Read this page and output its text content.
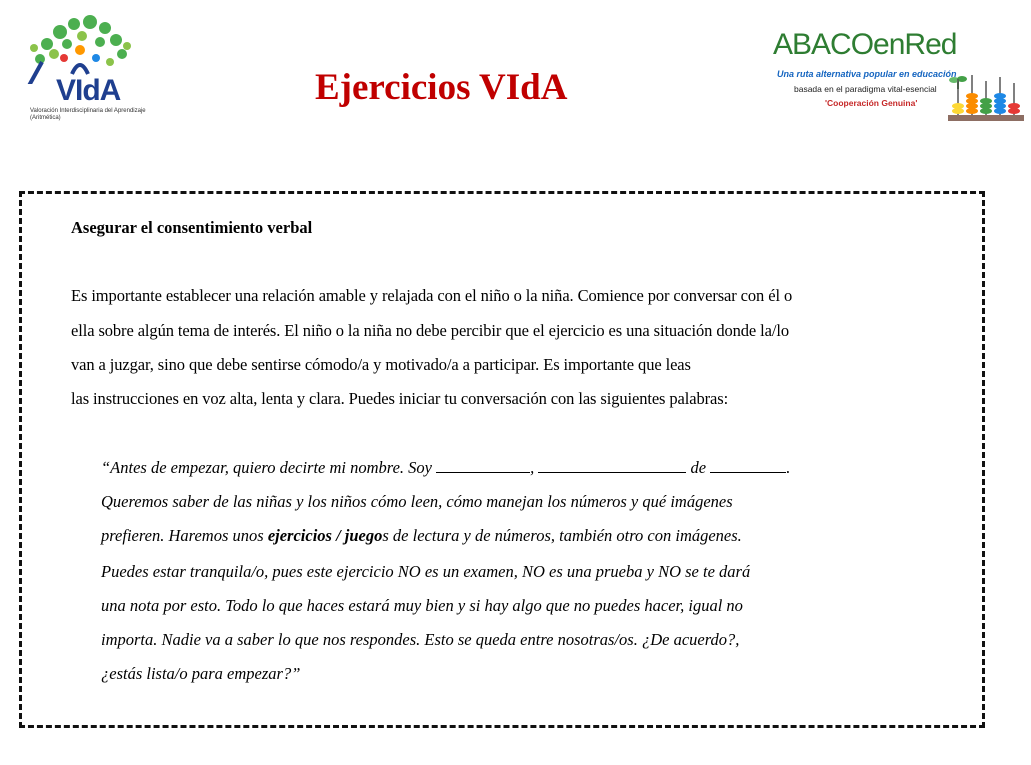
VIdA
Valoración Interdisciplinaria del Aprendizaje (Aritmética)
Ejercicios VIdA
ABACOenRed
Una ruta alternativa popular en educación
basada en el paradigma vital-esencial
'Cooperación Genuina'
Asegurar el consentimiento verbal
Es importante establecer una relación amable y relajada con el niño o la niña. Comience por conversar con él o
ella sobre algún tema de interés. El niño o la niña no debe percibir que el ejercicio es una situación donde la/lo
van a juzgar, sino que debe sentirse cómodo/a y motivado/a a participar. Es importante que leas
las instrucciones en voz alta, lenta y clara. Puedes iniciar tu conversación con las siguientes palabras:
“Antes de empezar, quiero decirte mi nombre. Soy	,	de	.
Queremos saber de las niñas y los niños cómo leen, cómo manejan los números y qué imágenes
prefieren. Haremos unos ejercicios / juegos de lectura y de números, también otro con imágenes.
Puedes estar tranquila/o, pues este ejercicio NO es un examen, NO es una prueba y NO se te dará
una nota por esto. Todo lo que haces estará muy bien y si hay algo que no puedes hacer, igual no
importa. Nadie va a saber lo que nos respondes. Esto se queda entre nosotras/os. ¿De acuerdo?,
¿estás lista/o para empezar?”
